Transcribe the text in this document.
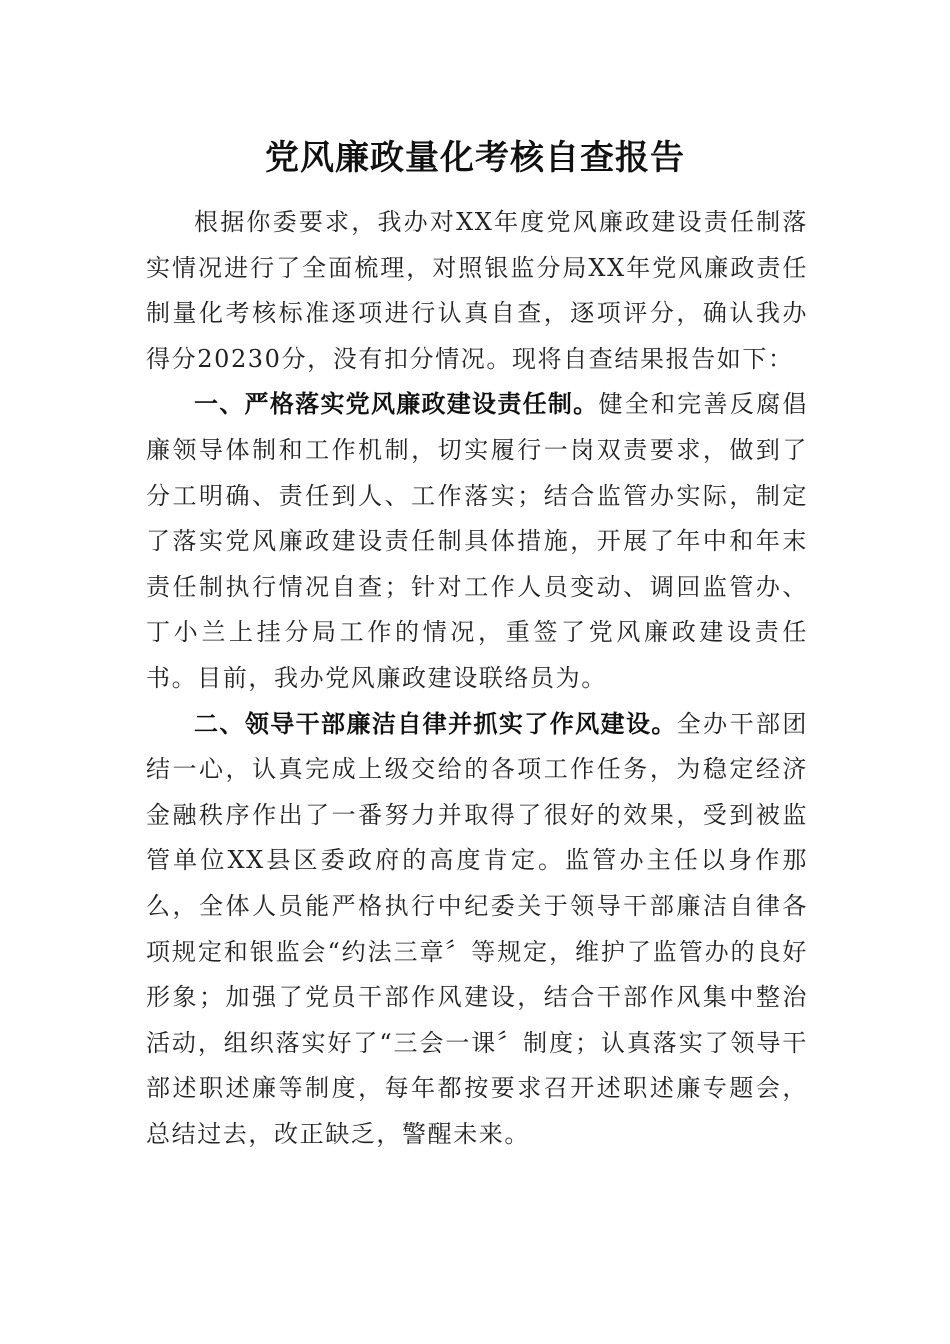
党风廉政量化考核自查报告

根据你委要求，我办对XX年度党风廉政建设责任制落实情况进行了全面梳理，对照银监分局XX年党风廉政责任制量化考核标准逐项进行认真自查，逐项评分，确认我办得分20230分，没有扣分情况。现将自查结果报告如下：

一、严格落实党风廉政建设责任制。健全和完善反腐倡廉领导体制和工作机制，切实履行一岗双责要求，做到了分工明确、责任到人、工作落实；结合监管办实际，制定了落实党风廉政建设责任制具体措施，开展了年中和年末责任制执行情况自查；针对工作人员变动、调回监管办、丁小兰上挂分局工作的情况，重签了党风廉政建设责任书。目前，我办党风廉政建设联络员为。

二、领导干部廉洁自律并抓实了作风建设。全办干部团结一心，认真完成上级交给的各项工作任务，为稳定经济金融秩序作出了一番努力并取得了很好的效果，受到被监管单位XX县区委政府的高度肯定。监管办主任以身作那么，全体人员能严格执行中纪委关于领导干部廉洁自律各项规定和银监会“约法三章〞等规定，维护了监管办的良好形象；加强了党员干部作风建设，结合干部作风集中整治活动，组织落实好了“三会一课〞制度；认真落实了领导干部述职述廉等制度，每年都按要求召开述职述廉专题会，总结过去，改正缺乏，警醒未来。
